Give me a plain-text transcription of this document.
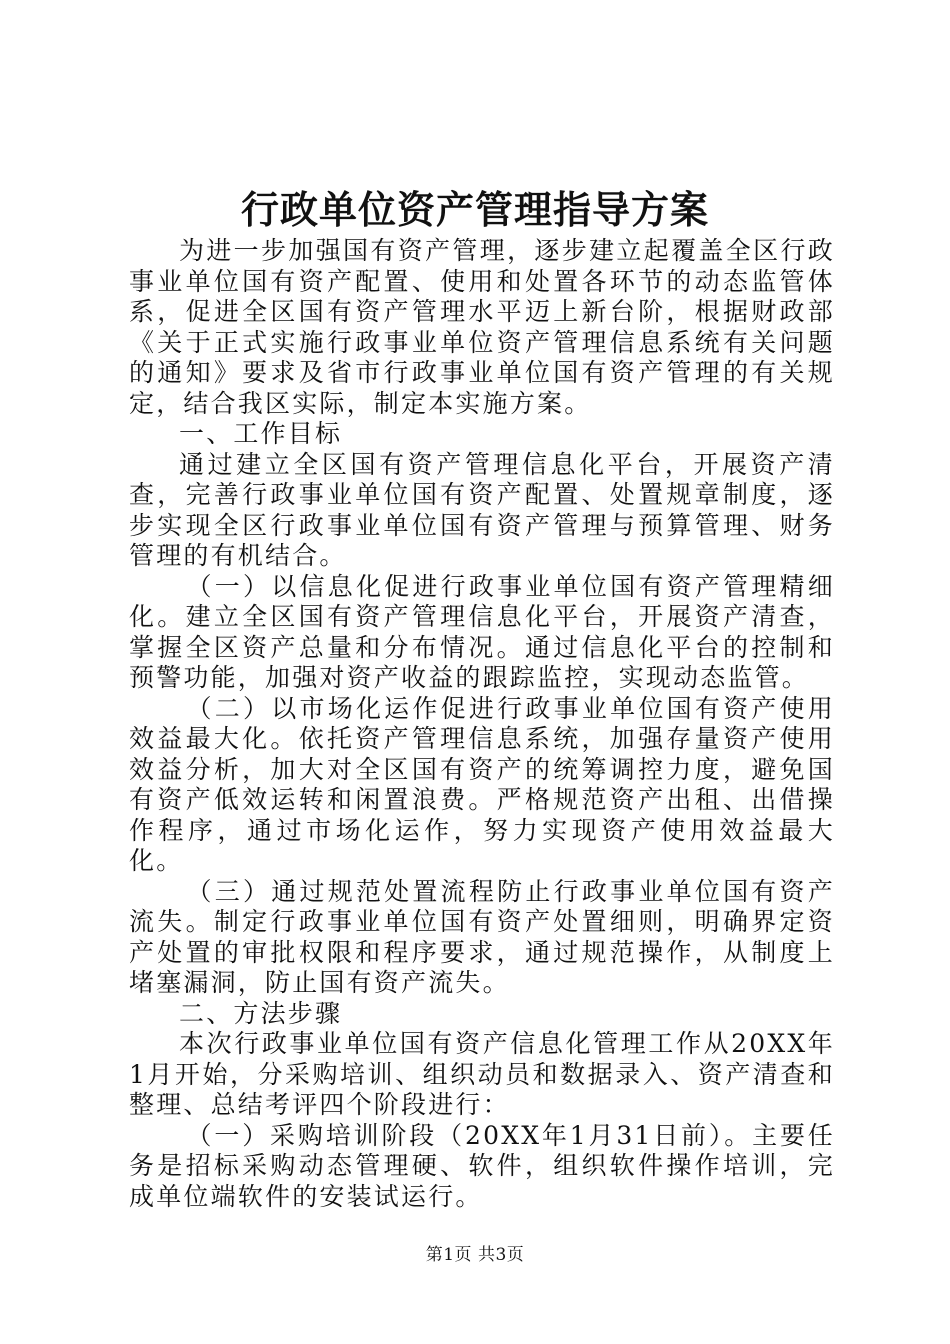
行政单位资产管理指导方案

为进一步加强国有资产管理，逐步建立起覆盖全区行政事业单位国有资产配置、使用和处置各环节的动态监管体系，促进全区国有资产管理水平迈上新台阶，根据财政部《关于正式实施行政事业单位资产管理信息系统有关问题的通知》要求及省市行政事业单位国有资产管理的有关规定，结合我区实际，制定本实施方案。

一、工作目标

通过建立全区国有资产管理信息化平台，开展资产清查，完善行政事业单位国有资产配置、处置规章制度，逐步实现全区行政事业单位国有资产管理与预算管理、财务管理的有机结合。

（一）以信息化促进行政事业单位国有资产管理精细化。建立全区国有资产管理信息化平台，开展资产清查，掌握全区资产总量和分布情况。通过信息化平台的控制和预警功能，加强对资产收益的跟踪监控，实现动态监管。

（二）以市场化运作促进行政事业单位国有资产使用效益最大化。依托资产管理信息系统，加强存量资产使用效益分析，加大对全区国有资产的统筹调控力度，避免国有资产低效运转和闲置浪费。严格规范资产出租、出借操作程序，通过市场化运作，努力实现资产使用效益最大化。

（三）通过规范处置流程防止行政事业单位国有资产流失。制定行政事业单位国有资产处置细则，明确界定资产处置的审批权限和程序要求，通过规范操作，从制度上堵塞漏洞，防止国有资产流失。

二、方法步骤

本次行政事业单位国有资产信息化管理工作从20XX年1月开始，分采购培训、组织动员和数据录入、资产清查和整理、总结考评四个阶段进行：

（一）采购培训阶段（20XX年1月31日前）。主要任务是招标采购动态管理硬、软件，组织软件操作培训，完成单位端软件的安装试运行。

第1页 共3页
